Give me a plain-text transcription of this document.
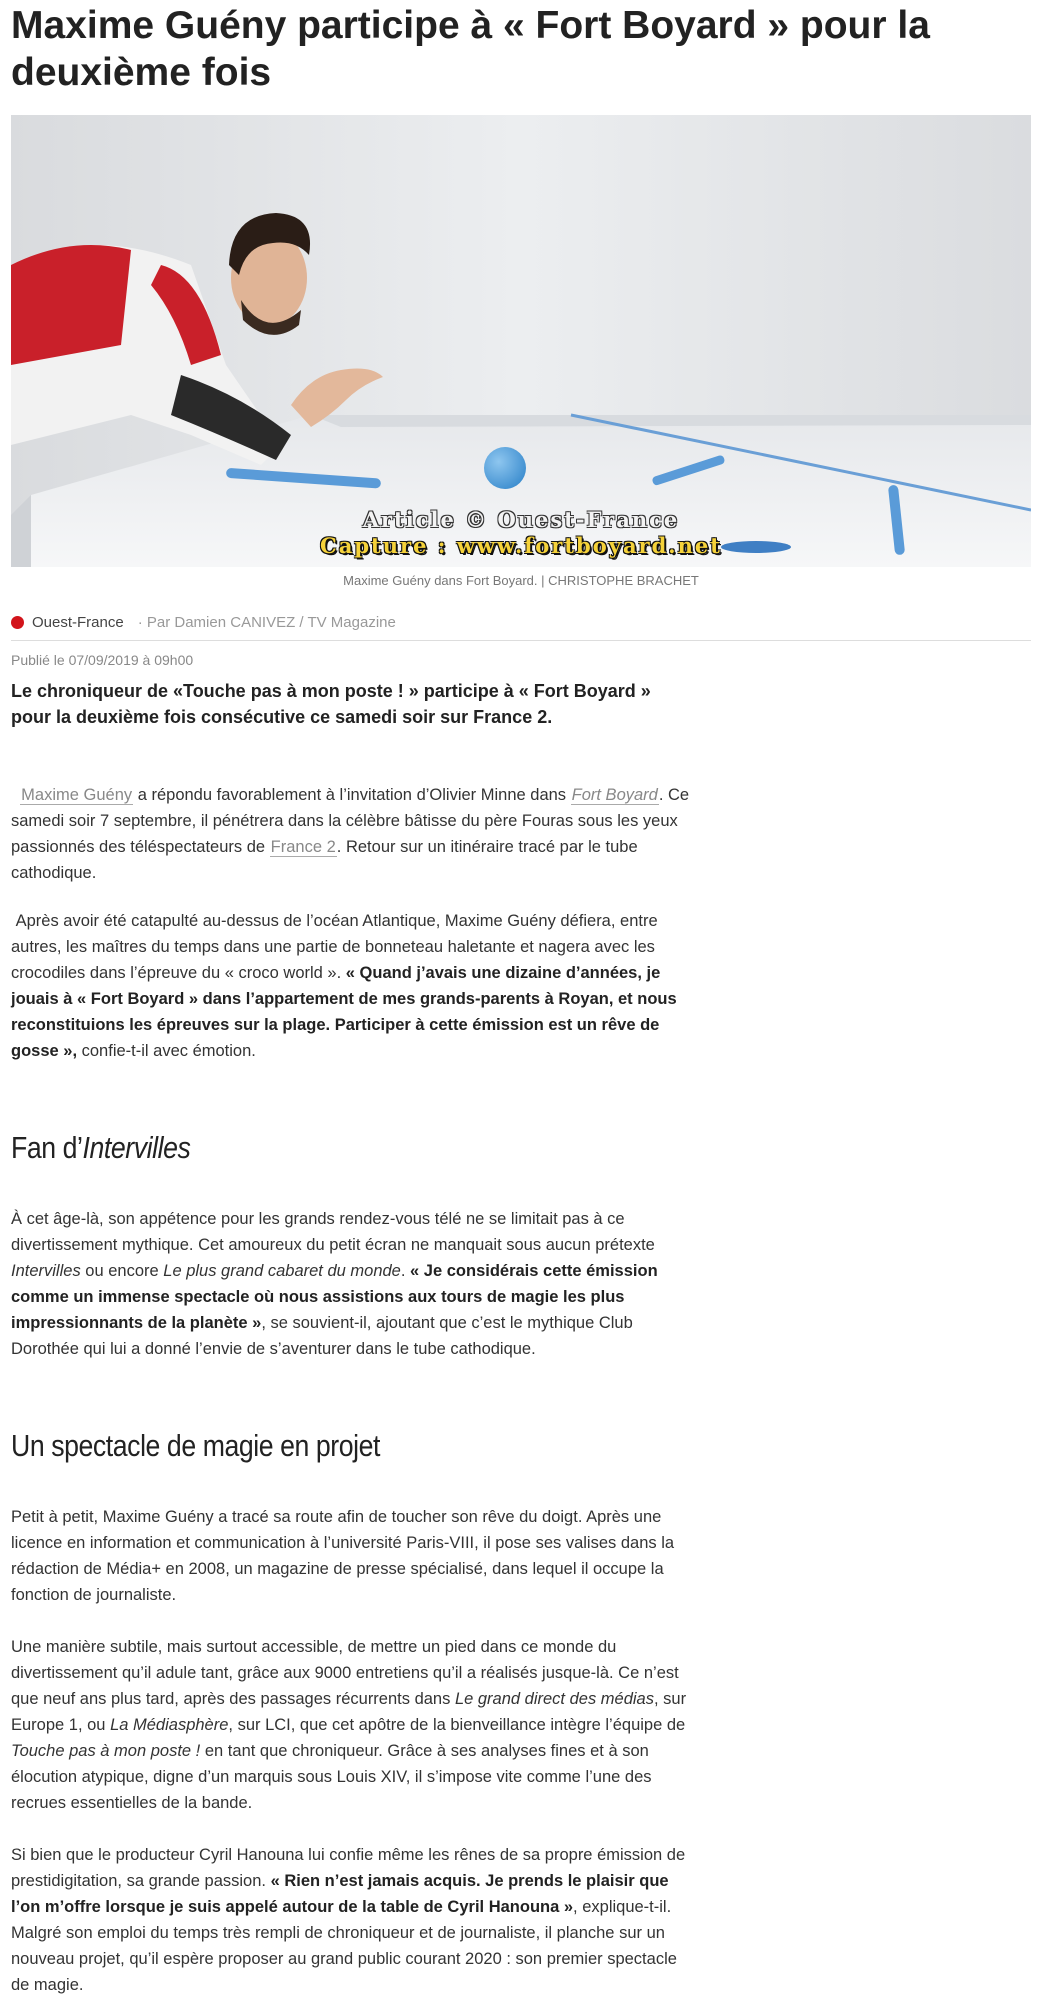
Maxime Guény participe à « Fort Boyard » pour la deuxième fois
Article © Ouest-France
Capture : www.fortboyard.net
Maxime Guény dans Fort Boyard. | CHRISTOPHE BRACHET
Ouest-France · Par Damien CANIVEZ / TV Magazine
Publié le 07/09/2019 à 09h00

Le chroniqueur de «Touche pas à mon poste ! » participe à « Fort Boyard » pour la deuxième fois consécutive ce samedi soir sur France 2.

Maxime Guény a répondu favorablement à l’invitation d’Olivier Minne dans Fort Boyard. Ce samedi soir 7 septembre, il pénétrera dans la célèbre bâtisse du père Fouras sous les yeux passionnés des téléspectateurs de France 2. Retour sur un itinéraire tracé par le tube cathodique.

Après avoir été catapulté au-dessus de l’océan Atlantique, Maxime Guény défiera, entre autres, les maîtres du temps dans une partie de bonneteau haletante et nagera avec les crocodiles dans l’épreuve du « croco world ». « Quand j’avais une dizaine d’années, je jouais à « Fort Boyard » dans l’appartement de mes grands-parents à Royan, et nous reconstituions les épreuves sur la plage. Participer à cette émission est un rêve de gosse », confie-t-il avec émotion.

Fan d’Intervilles

À cet âge-là, son appétence pour les grands rendez-vous télé ne se limitait pas à ce divertissement mythique. Cet amoureux du petit écran ne manquait sous aucun prétexte Intervilles ou encore Le plus grand cabaret du monde. « Je considérais cette émission comme un immense spectacle où nous assistions aux tours de magie les plus impressionnants de la planète », se souvient-il, ajoutant que c’est le mythique Club Dorothée qui lui a donné l’envie de s’aventurer dans le tube cathodique.

Un spectacle de magie en projet

Petit à petit, Maxime Guény a tracé sa route afin de toucher son rêve du doigt. Après une licence en information et communication à l’université Paris-VIII, il pose ses valises dans la rédaction de Média+ en 2008, un magazine de presse spécialisé, dans lequel il occupe la fonction de journaliste.

Une manière subtile, mais surtout accessible, de mettre un pied dans ce monde du divertissement qu’il adule tant, grâce aux 9000 entretiens qu’il a réalisés jusque-là. Ce n’est que neuf ans plus tard, après des passages récurrents dans Le grand direct des médias, sur Europe 1, ou La Médiasphère, sur LCI, que cet apôtre de la bienveillance intègre l’équipe de Touche pas à mon poste ! en tant que chroniqueur. Grâce à ses analyses fines et à son élocution atypique, digne d’un marquis sous Louis XIV, il s’impose vite comme l’une des recrues essentielles de la bande.

Si bien que le producteur Cyril Hanouna lui confie même les rênes de sa propre émission de prestidigitation, sa grande passion. « Rien n’est jamais acquis. Je prends le plaisir que l’on m’offre lorsque je suis appelé autour de la table de Cyril Hanouna », explique-t-il. Malgré son emploi du temps très rempli de chroniqueur et de journaliste, il planche sur un nouveau projet, qu’il espère proposer au grand public courant 2020 : son premier spectacle de magie.
